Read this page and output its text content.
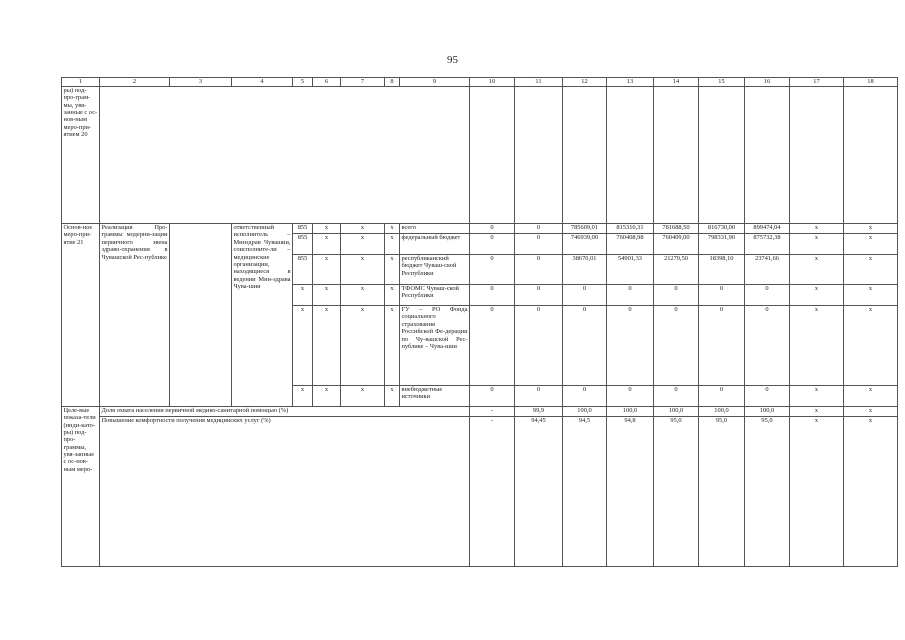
95
1	2	3	4	5	6	7	8	9	10	11	12	13	14	15	16	17	18
ры) под-про-грам-мы, увя-занные с ос-нов-ным меро-при-ятием 20																	
Основ-ное меро-при-ятие 21	Реализация Про-граммы модерни-зации первичного звена здраво-охранения в Чувашской Рес-публике		ответственный исполнитель – Минздрав Чувашии, соисполните-ли – медицинские организации, находящиеся в ведении Мин-здрава Чува-шии	855	x	x	x	всего	0	0	785609,01	815310,31	781688,50	816730,00	899474,04	x	x
				855	x	x	x	федеральный бюджет	0	0	746939,00	760408,98	760409,00	798331,90	875732,38	x	x
				855	x	x	x	республиканский бюджет Чуваш-ской Республики	0	0	38670,01	54901,33	21279,50	18398,10	23741,66	x	x
				x	x	x	x	ТФОМС Чуваш-ской Республики	0	0	0	0	0	0	0	x	x
				x	x	x	x	ГУ – РО Фонда социального страхования Российской Фе-дерации по Чу-вашской Рес-публике – Чува-шии	0	0	0	0	0	0	0	x	x
				x	x	x	x	внебюджетные источники	0	0	0	0	0	0	0	x	x
Целе-вые показа-тели (инди-като-ры) под-про-граммы, увя-занные с ос-нов-ным меро-	Доля охвата населения первичной медико-санитарной помощью (%)								-	99,9	100,0	100,0	100,0	100,0	100,0	x	x
	Повышение комфортности получения медицинских услуг (%)								-	94,45	94,5	94,8	95,0	95,0	95,0	x	x
